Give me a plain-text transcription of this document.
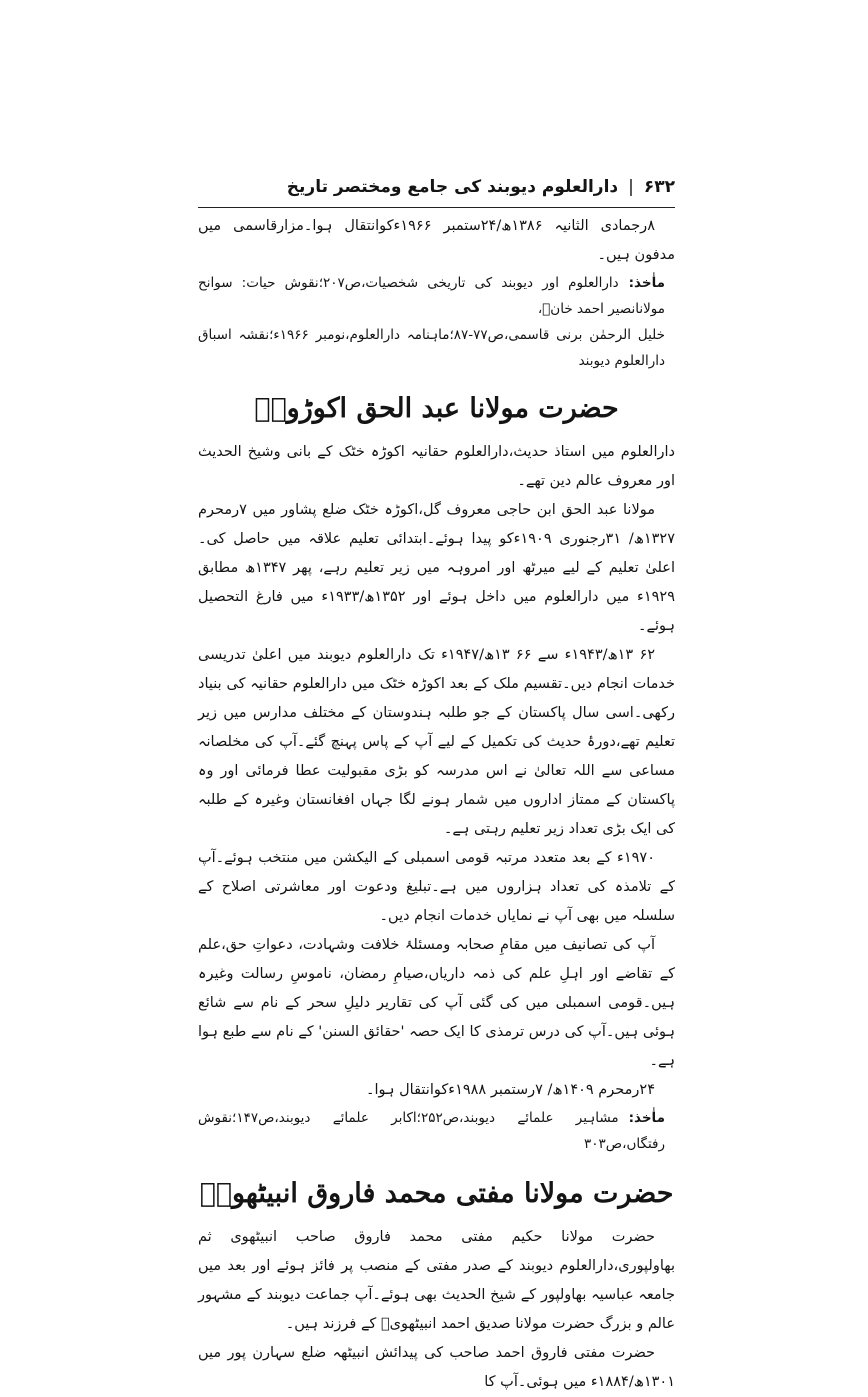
۶۳۲
|
دارالعلوم دیوبند کی جامع ومختصر تاریخ

۸رجمادی الثانیہ ۱۳۸۶ھ/۲۴ستمبر ۱۹۶۶ءکوانتقال ہوا۔مزارقاسمی میں مدفون ہیں۔

ماٰخذ:دارالعلوم اور دیوبند کی تاریخی شخصیات،ص۲۰۷؛نقوش حیات: سوانح مولانانصیر احمد خانؒ،

خلیل الرحمٰن برنی قاسمی،ص۷۷-۸۷؛ماہنامہ دارالعلوم،نومبر ۱۹۶۶ء؛نقشہ اسباق دارالعلوم دیوبند

حضرت مولانا عبد الحق اکوڑویؒ

دارالعلوم میں استاذ حدیث،دارالعلوم حقانیہ اکوڑہ خٹک کے بانی وشیخ الحدیث اور معروف عالم دین تھے۔

مولانا عبد الحق ابن حاجی معروف گل،اکوڑہ خٹک ضلع پشاور میں ۷رمحرم ۱۳۲۷ھ/ ۳۱رجنوری ۱۹۰۹ءکو پیدا ہوئے۔ابتدائی تعلیم علاقہ میں حاصل کی۔اعلیٰ تعلیم کے لیے میرٹھ اور امروہہ میں زیر تعلیم رہے، پھر ۱۳۴۷ھ مطابق ۱۹۲۹ء میں دارالعلوم میں داخل ہوئے اور ۱۳۵۲ھ/۱۹۳۳ء میں فارغ التحصیل ہوئے۔

۶۲ ۱۳ھ/۱۹۴۳ء سے ۶۶ ۱۳ھ/۱۹۴۷ء تک دارالعلوم دیوبند میں اعلیٰ تدریسی خدمات انجام دیں۔تقسیم ملک کے بعد اکوڑہ خٹک میں دارالعلوم حقانیہ کی بنیاد رکھی۔اسی سال پاکستان کے جو طلبہ ہندوستان کے مختلف مدارس میں زیر تعلیم تھے،دورۂ حدیث کی تکمیل کے لیے آپ کے پاس پہنچ گئے۔آپ کی مخلصانہ مساعی سے اللہ تعالیٰ نے اس مدرسہ کو بڑی مقبولیت عطا فرمائی اور وہ پاکستان کے ممتاز اداروں میں شمار ہونے لگا جہاں افغانستان وغیرہ کے طلبہ کی ایک بڑی تعداد زیر تعلیم رہتی ہے۔

۱۹۷۰ء کے بعد متعدد مرتبہ قومی اسمبلی کے الیکشن میں منتخب ہوئے۔آپ کے تلامذہ کی تعداد ہزاروں میں ہے۔تبلیغ ودعوت اور معاشرتی اصلاح کے سلسلہ میں بھی آپ نے نمایاں خدمات انجام دیں۔

آپ کی تصانیف میں مقامِ صحابہ ومسئلۂ خلافت وشہادت، دعواتِ حق،علم کے تقاضے اور اہلِ علم کی ذمہ داریاں،صیامِ رمضان، ناموسِ رسالت وغیرہ ہیں۔قومی اسمبلی میں کی گئی آپ کی تقاریر دلیلِ سحر کے نام سے شائع ہوئی ہیں۔آپ کی درس ترمذی کا ایک حصہ 'حقائق السنن' کے نام سے طبع ہوا ہے۔

۲۴رمحرم ۱۴۰۹ھ/ ۷رستمبر ۱۹۸۸ءکوانتقال ہوا۔

ماٰخذ:مشاہیر علمائے دیوبند،ص۲۵۲؛اکابر علمائے دیوبند،ص۱۴۷؛نقوش رفتگاں،ص۳۰۳

حضرت مولانا مفتی محمد فاروق انبیٹھویؒ

حضرت مولانا حکیم مفتی محمد فاروق صاحب انبیٹھوی ثم بھاولپوری،دارالعلوم دیوبند کے صدر مفتی کے منصب پر فائز ہوئے اور بعد میں جامعہ عباسیہ بھاولپور کے شیخ الحدیث بھی ہوئے۔آپ جماعت دیوبند کے مشہور عالم و بزرگ حضرت مولانا صدیق احمد انبیٹھویؒ کے فرزند ہیں۔

حضرت مفتی فاروق احمد صاحب کی پیدائش انبیٹھہ ضلع سہارن پور میں ۱۳۰۱ھ/۱۸۸۴ء میں ہوئی۔آپ کا
